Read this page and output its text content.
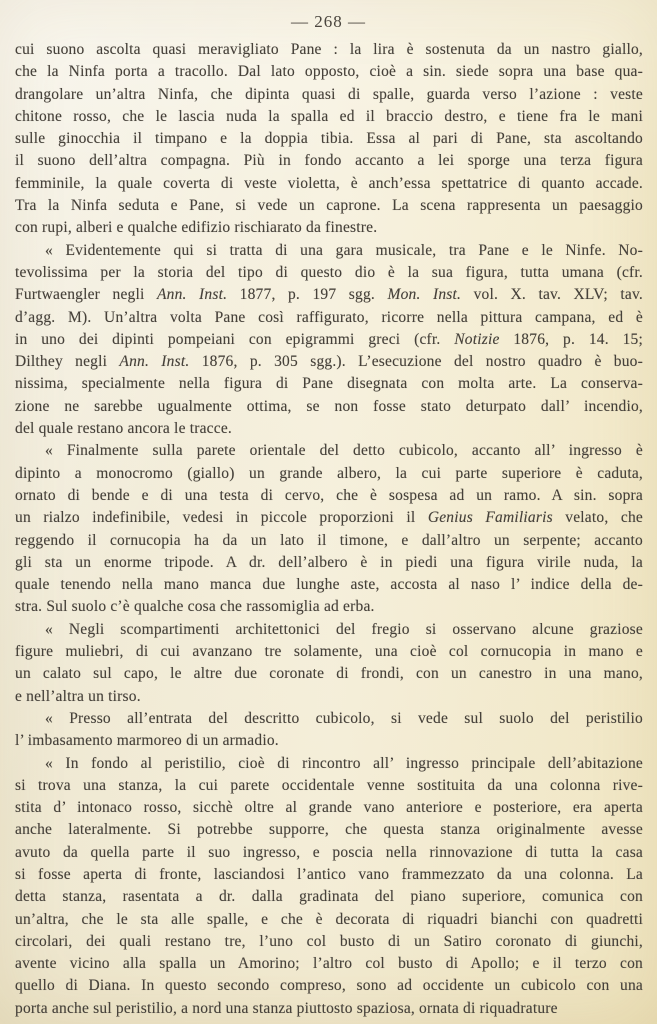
— 268 —
cui suono ascolta quasi meravigliato Pane : la lira è sostenuta da un nastro giallo,
che la Ninfa porta a tracollo. Dal lato opposto, cioè a sin. siede sopra una base qua-
drangolare un’altra Ninfa, che dipinta quasi di spalle, guarda verso l’azione : veste
chitone rosso, che le lascia nuda la spalla ed il braccio destro, e tiene fra le mani
sulle ginocchia il timpano e la doppia tibia. Essa al pari di Pane, sta ascoltando
il suono dell’altra compagna. Più in fondo accanto a lei sporge una terza figura
femminile, la quale coverta di veste violetta, è anch’essa spettatrice di quanto accade.
Tra la Ninfa seduta e Pane, si vede un caprone. La scena rappresenta un paesaggio
con rupi, alberi e qualche edifizio rischiarato da finestre.
« Evidentemente qui si tratta di una gara musicale, tra Pane e le Ninfe. No-
tevolissima per la storia del tipo di questo dio è la sua figura, tutta umana (cfr.
Furtwaengler negli Ann. Inst. 1877, p. 197 sgg. Mon. Inst. vol. X. tav. XLV; tav.
d’agg. M). Un’altra volta Pane così raffigurato, ricorre nella pittura campana, ed è
in uno dei dipinti pompeiani con epigrammi greci (cfr. Notizie 1876, p. 14. 15;
Dilthey negli Ann. Inst. 1876, p. 305 sgg.). L’esecuzione del nostro quadro è buo-
nissima, specialmente nella figura di Pane disegnata con molta arte. La conserva-
zione ne sarebbe ugualmente ottima, se non fosse stato deturpato dall’ incendio,
del quale restano ancora le tracce.
« Finalmente sulla parete orientale del detto cubicolo, accanto all’ ingresso è
dipinto a monocromo (giallo) un grande albero, la cui parte superiore è caduta,
ornato di bende e di una testa di cervo, che è sospesa ad un ramo. A sin. sopra
un rialzo indefinibile, vedesi in piccole proporzioni il Genius Familiaris velato, che
reggendo il cornucopia ha da un lato il timone, e dall’altro un serpente; accanto
gli sta un enorme tripode. A dr. dell’albero è in piedi una figura virile nuda, la
quale tenendo nella mano manca due lunghe aste, accosta al naso l’ indice della de-
stra. Sul suolo c’è qualche cosa che rassomiglia ad erba.
« Negli scompartimenti architettonici del fregio si osservano alcune graziose
figure muliebri, di cui avanzano tre solamente, una cioè col cornucopia in mano e
un calato sul capo, le altre due coronate di frondi, con un canestro in una mano,
e nell’altra un tirso.
« Presso all’entrata del descritto cubicolo, si vede sul suolo del peristilio
l’ imbasamento marmoreo di un armadio.
« In fondo al peristilio, cioè di rincontro all’ ingresso principale dell’abitazione
si trova una stanza, la cui parete occidentale venne sostituita da una colonna rive-
stita d’ intonaco rosso, sicchè oltre al grande vano anteriore e posteriore, era aperta
anche lateralmente. Si potrebbe supporre, che questa stanza originalmente avesse
avuto da quella parte il suo ingresso, e poscia nella rinnovazione di tutta la casa
si fosse aperta di fronte, lasciandosi l’antico vano frammezzato da una colonna. La
detta stanza, rasentata a dr. dalla gradinata del piano superiore, comunica con
un’altra, che le sta alle spalle, e che è decorata di riquadri bianchi con quadretti
circolari, dei quali restano tre, l’uno col busto di un Satiro coronato di giunchi,
avente vicino alla spalla un Amorino; l’altro col busto di Apollo; e il terzo con
quello di Diana. In questo secondo compreso, sono ad occidente un cubicolo con una
porta anche sul peristilio, a nord una stanza piuttosto spaziosa, ornata di riquadrature
